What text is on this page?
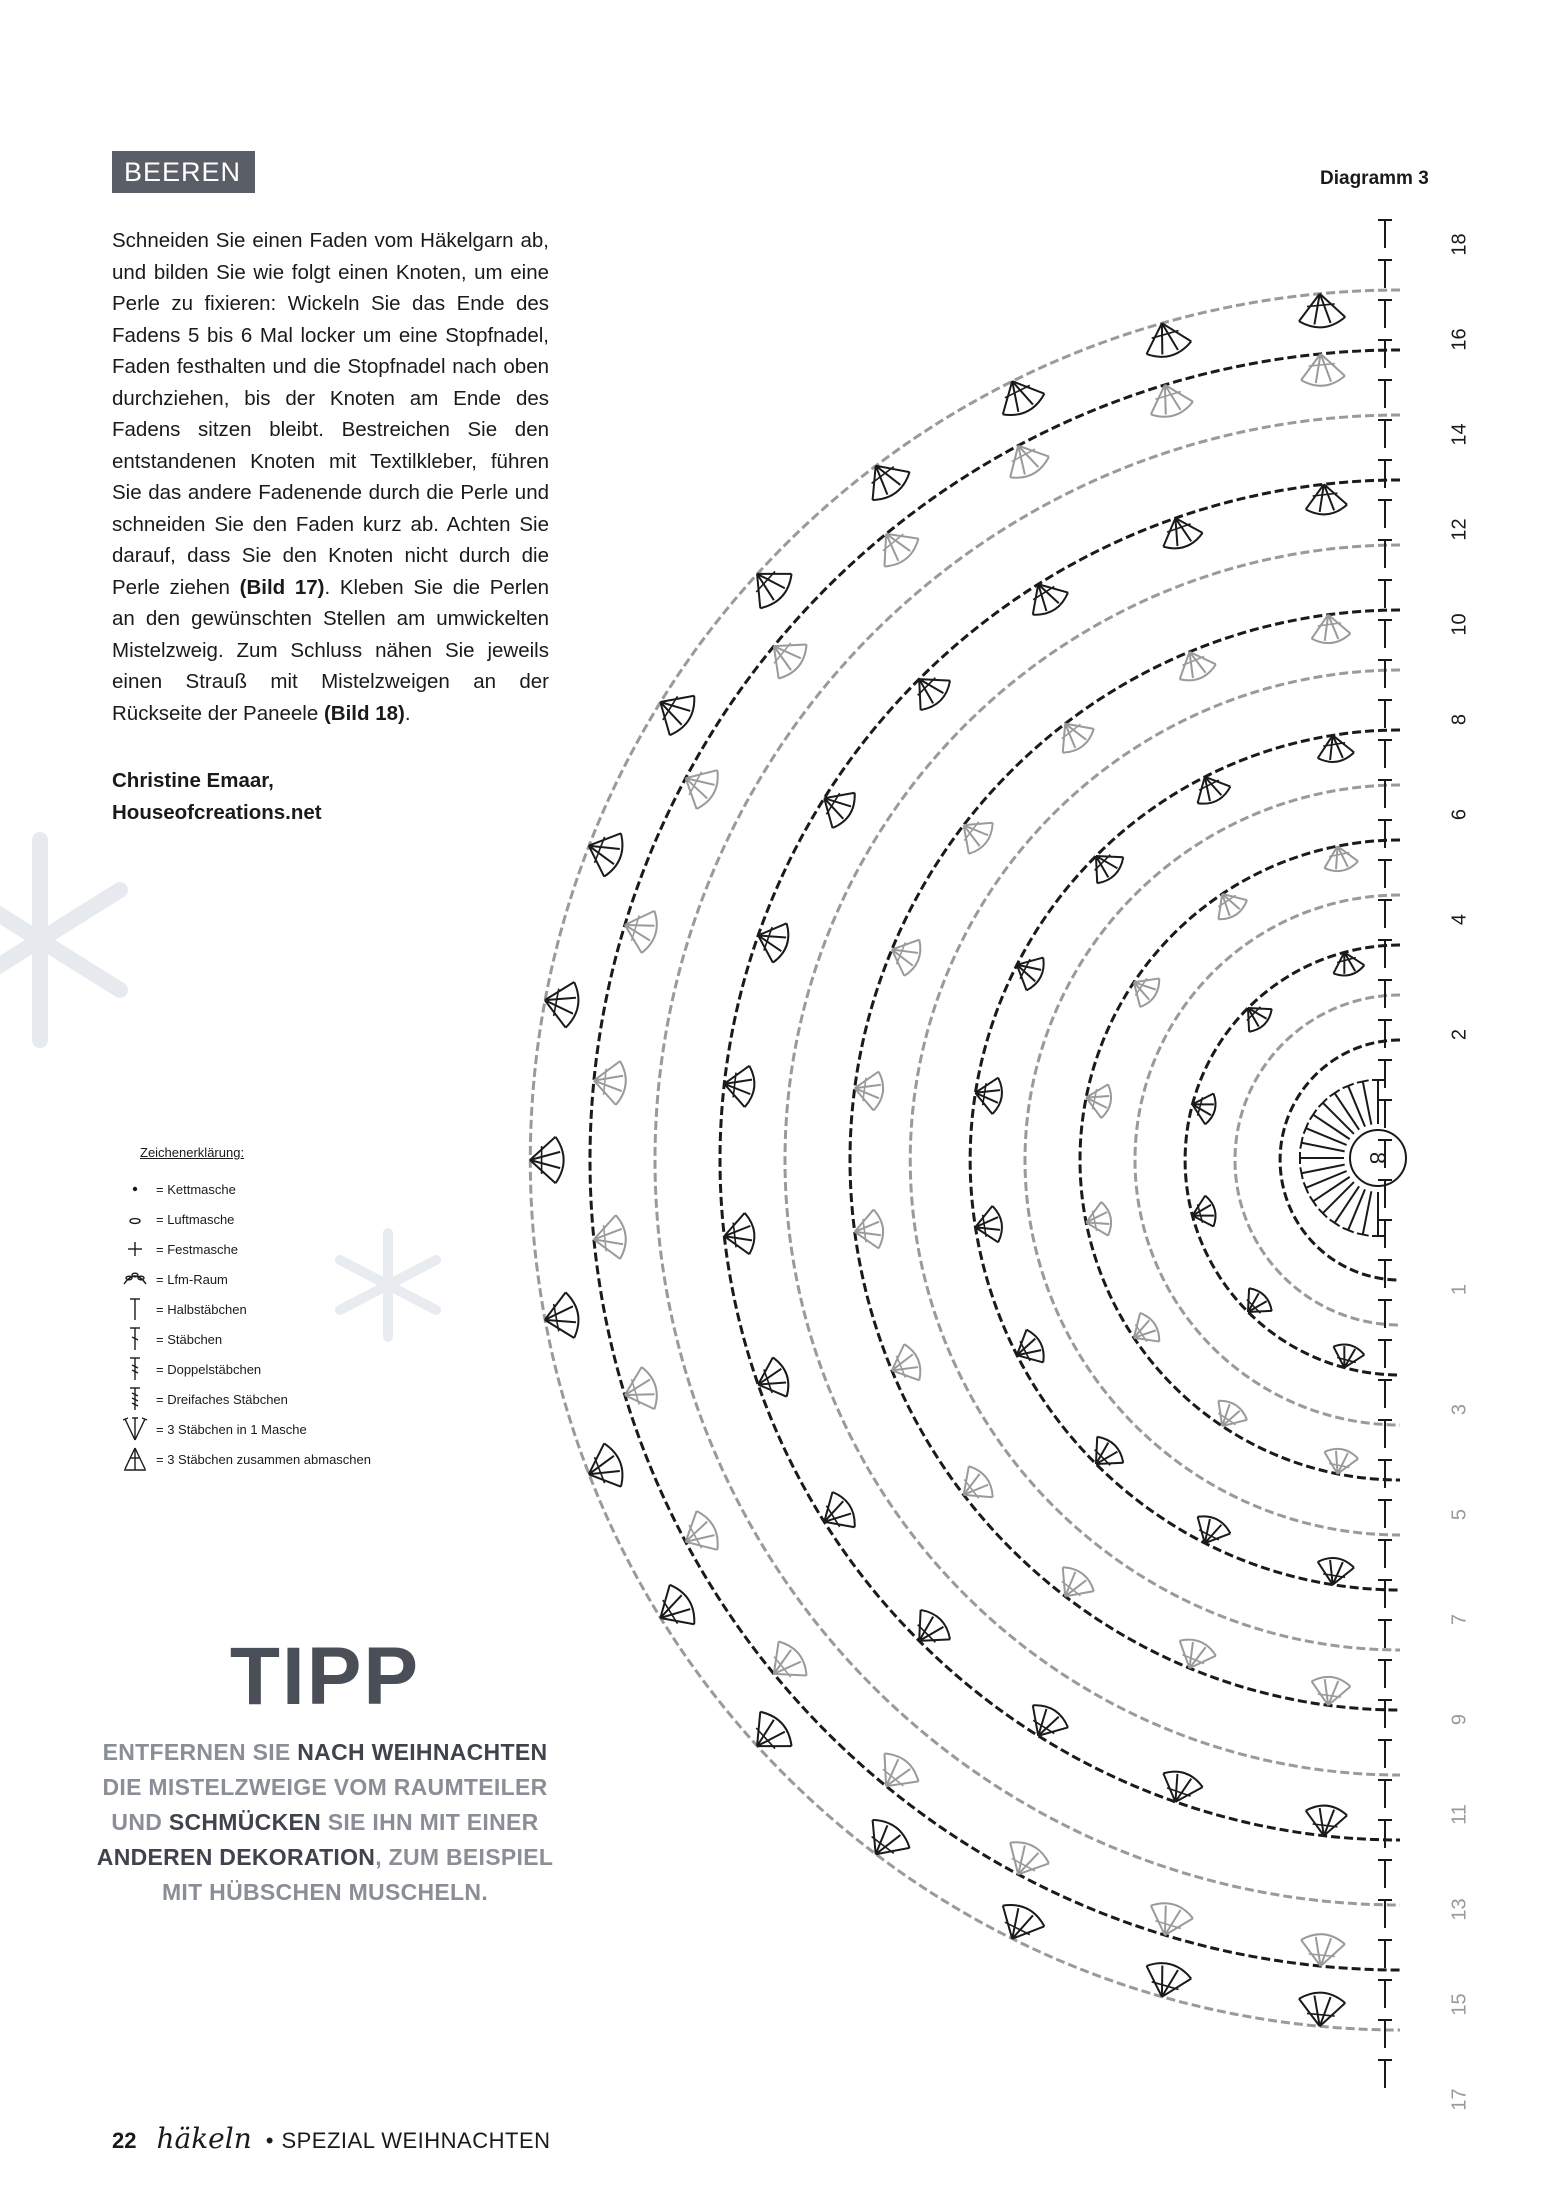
BEEREN
Schneiden Sie einen Faden vom Häkelgarn ab, und bilden Sie wie folgt einen Knoten, um eine Perle zu fixieren: Wickeln Sie das Ende des Fadens 5 bis 6 Mal locker um eine Stopfnadel, Faden festhalten und die Stopfnadel nach oben durchziehen, bis der Knoten am Ende des Fadens sitzen bleibt. Bestreichen Sie den entstandenen Knoten mit Textilkleber, führen Sie das andere Fadenende durch die Perle und schneiden Sie den Faden kurz ab. Achten Sie darauf, dass Sie den Knoten nicht durch die Perle ziehen (Bild 17). Kleben Sie die Perlen an den gewünschten Stellen am umwickelten Mistelzweig. Zum Schluss nähen Sie jeweils einen Strauß mit Mistelzweigen an der Rückseite der Paneele (Bild 18).
Christine Emaar,
Houseofcreations.net
Zeichenerklärung:
= Kettmasche
= Luftmasche
= Festmasche
= Lfm-Raum
= Halbstäbchen
= Stäbchen
= Doppelstäbchen
= Dreifaches Stäbchen
= 3 Stäbchen in 1 Masche
= 3 Stäbchen zusammen abmaschen
TIPP
ENTFERNEN SIE NACH WEIHNACHTEN DIE MISTELZWEIGE VOM RAUMTEILER UND SCHMÜCKEN SIE IHN MIT EINER ANDEREN DEKORATION, ZUM BEISPIEL MIT HÜBSCHEN MUSCHELN.
Diagramm 3
8
18
16
14
12
10
8
6
4
2
1
3
5
7
9
11
13
15
17
22 häkeln • SPEZIAL WEIHNACHTEN
